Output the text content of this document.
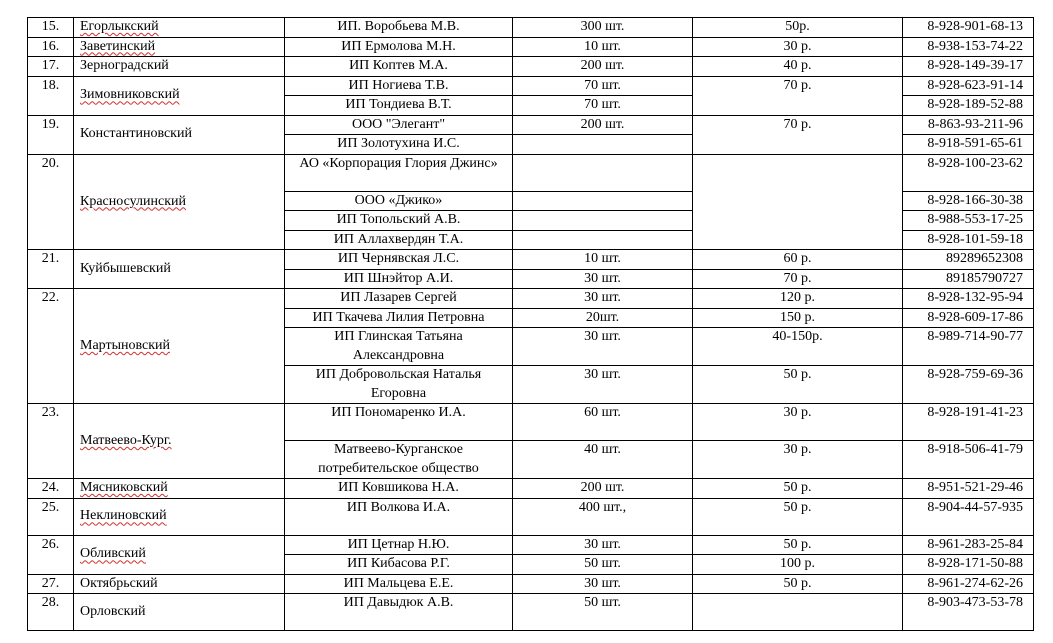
15.	Егорлыкский	ИП. Воробьева М.В.	300 шт.	50р.	8-928-901-68-13
16.	Заветинский	ИП Ермолова М.Н.	10 шт.	30 р.	8-938-153-74-22
17.	Зерноградский	ИП Коптев М.А.	200 шт.	40 р.	8-928-149-39-17
18.	Зимовниковский	ИП Ногиева Т.В.	70 шт.	70 р.	8-928-623-91-14
		ИП Тондиева В.Т.	70 шт.		8-928-189-52-88
19.	Константиновский	ООО "Элегант"	200 шт.	70 р.	8-863-93-211-96
		ИП Золотухина И.С.			8-918-591-65-61
20.	Красносулинский	АО «Корпорация Глория Джинс»			8-928-100-23-62
		ООО «Джико»			8-928-166-30-38
		ИП Топольский А.В.			8-988-553-17-25
		ИП Аллахвердян Т.А.			8-928-101-59-18
21.	Куйбышевский	ИП Чернявская Л.С.	10 шт.	60 р.	89289652308
		ИП Шнэйтор А.И.	30 шт.	70 р.	89185790727
22.	Мартыновский	ИП Лазарев Сергей	30 шт.	120 р.	8-928-132-95-94
		ИП Ткачева Лилия Петровна	20шт.	150 р.	8-928-609-17-86
		ИП Глинская Татьяна Александровна	30 шт.	40-150р.	8-989-714-90-77
		ИП Добровольская Наталья Егоровна	30 шт.	50 р.	8-928-759-69-36
23.	Матвеево-Кург.	ИП Пономаренко И.А.	60 шт.	30 р.	8-928-191-41-23
		Матвеево-Курганское потребительское общество	40 шт.	30 р.	8-918-506-41-79
24.	Мясниковский	ИП Ковшикова Н.А.	200 шт.	50 р.	8-951-521-29-46
25.	Неклиновский	ИП Волкова И.А.	400 шт.,	50 р.	8-904-44-57-935
26.	Обливский	ИП Цетнар Н.Ю.	30 шт.	50 р.	8-961-283-25-84
		ИП Кибасова Р.Г.	50 шт.	100 р.	8-928-171-50-88
27.	Октябрьский	ИП Мальцева Е.Е.	30 шт.	50 р.	8-961-274-62-26
28.	Орловский	ИП Давыдюк А.В.	50 шт.		8-903-473-53-78
